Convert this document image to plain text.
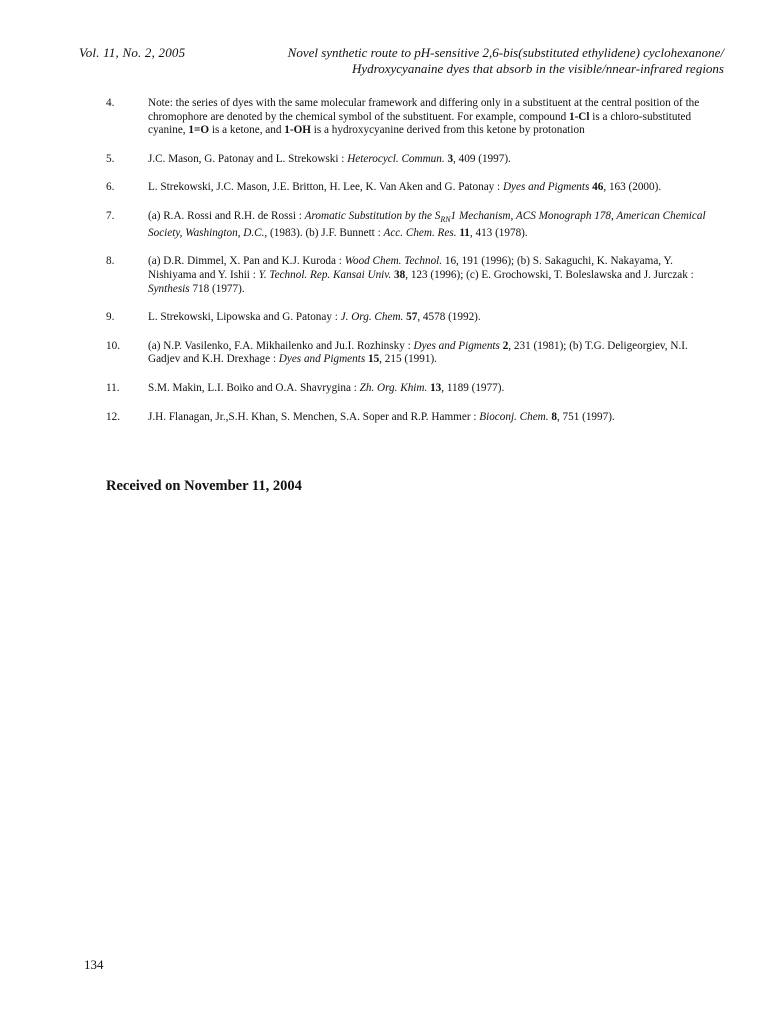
Vol. 11, No. 2, 2005	Novel synthetic route to pH-sensitive 2,6-bis(substituted ethylidene) cyclohexanone/
Hydroxycyanaine dyes that absorb in the visible/nnear-infrared regions
4.	Note: the series of dyes with the same molecular framework and differing only in a substituent at the central position of the chromophore are denoted by the chemical symbol of the substituent. For example, compound 1-Cl is a chloro-substituted cyanine, 1=O is a ketone, and 1-OH is a hydroxycyanine derived from this ketone by protonation
5.	J.C. Mason, G. Patonay and L. Strekowski : Heterocycl. Commun. 3, 409 (1997).
6.	L. Strekowski, J.C. Mason, J.E. Britton, H. Lee, K. Van Aken and G. Patonay : Dyes and Pigments 46, 163 (2000).
7.	(a) R.A. Rossi and R.H. de Rossi : Aromatic Substitution by the $S_{RN}1$ Mechanism, ACS Monograph 178, American Chemical Society, Washington, D.C., (1983). (b) J.F. Bunnett : Acc. Chem. Res. 11, 413 (1978).
8.	(a) D.R. Dimmel, X. Pan and K.J. Kuroda : Wood Chem. Technol. 16, 191 (1996); (b) S. Sakaguchi, K. Nakayama, Y. Nishiyama and Y. Ishii : Y. Technol. Rep. Kansai Univ. 38, 123 (1996); (c) E. Grochowski, T. Boleslawska and J. Jurczak : Synthesis 718 (1977).
9.	L. Strekowski, Lipowska and G. Patonay : J. Org. Chem. 57, 4578 (1992).
10.	(a) N.P. Vasilenko, F.A. Mikhailenko and Ju.I. Rozhinsky : Dyes and Pigments 2, 231 (1981); (b) T.G. Deligeorgiev, N.I. Gadjev and K.H. Drexhage : Dyes and Pigments 15, 215 (1991).
11.	S.M. Makin, L.I. Boiko and O.A. Shavrygina : Zh. Org. Khim. 13, 1189 (1977).
12.	J.H. Flanagan, Jr.,S.H. Khan, S. Menchen, S.A. Soper and R.P. Hammer : Bioconj. Chem. 8, 751 (1997).
Received on November 11, 2004
134
